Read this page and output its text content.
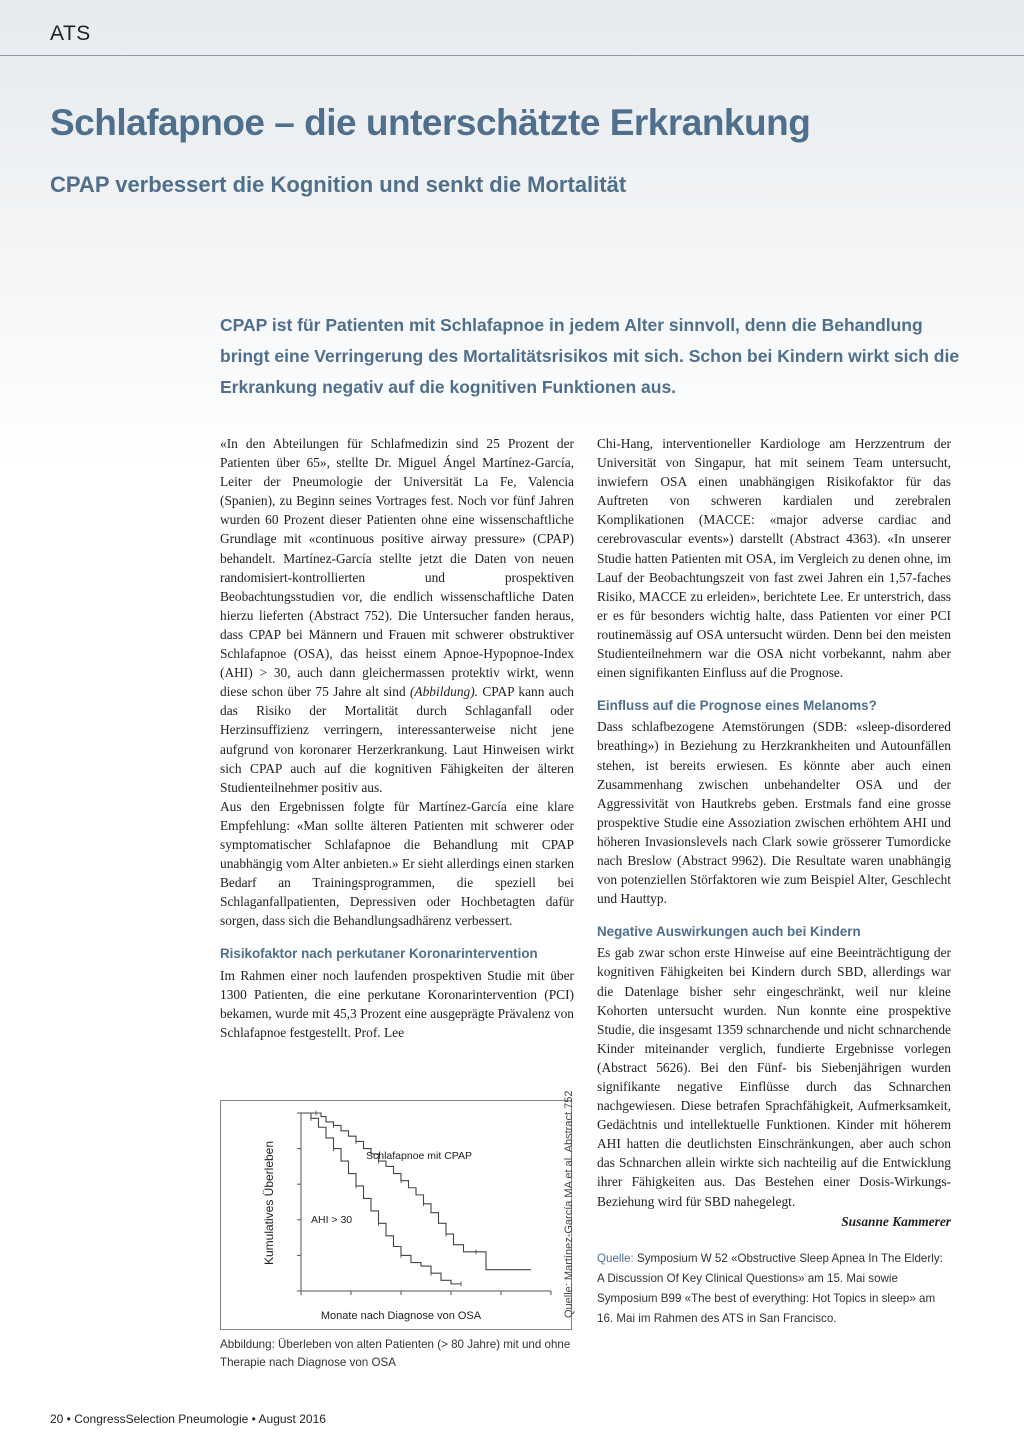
ATS
Schlafapnoe – die unterschätzte Erkrankung
CPAP verbessert die Kognition und senkt die Mortalität

CPAP ist für Patienten mit Schlafapnoe in jedem Alter sinnvoll, denn die Behandlung bringt eine Verringerung des Mortalitätsrisikos mit sich. Schon bei Kindern wirkt sich die Erkrankung negativ auf die kognitiven Funktionen aus.

«In den Abteilungen für Schlafmedizin sind 25 Prozent der Patienten über 65», stellte Dr. Miguel Ángel Martínez-García, Leiter der Pneumologie der Universität La Fe, Valencia (Spanien), zu Beginn seines Vortrages fest. Noch vor fünf Jahren wurden 60 Prozent dieser Patienten ohne eine wissenschaftliche Grundlage mit «continuous positive airway pressure» (CPAP) behandelt. Martínez-García stellte jetzt die Daten von neuen randomisiert-kontrollierten und prospektiven Beobachtungsstudien vor, die endlich wissenschaftliche Daten hierzu lieferten (Abstract 752). Die Untersucher fanden heraus, dass CPAP bei Männern und Frauen mit schwerer obstruktiver Schlafapnoe (OSA), das heisst einem Apnoe-Hypopnoe-Index (AHI) > 30, auch dann gleichermassen protektiv wirkt, wenn diese schon über 75 Jahre alt sind (Abbildung). CPAP kann auch das Risiko der Mortalität durch Schlaganfall oder Herzinsuffizienz verringern, interessanterweise nicht jene aufgrund von koronarer Herzerkrankung. Laut Hinweisen wirkt sich CPAP auch auf die kognitiven Fähigkeiten der älteren Studienteilnehmer positiv aus.

Aus den Ergebnissen folgte für Martínez-García eine klare Empfehlung: «Man sollte älteren Patienten mit schwerer oder symptomatischer Schlafapnoe die Behandlung mit CPAP unabhängig vom Alter anbieten.» Er sieht allerdings einen starken Bedarf an Trainingsprogrammen, die speziell bei Schlaganfallpatienten, Depressiven oder Hochbetagten dafür sorgen, dass sich die Behandlungsadhärenz verbessert.

Risikofaktor nach perkutaner Koronarintervention

Im Rahmen einer noch laufenden prospektiven Studie mit über 1300 Patienten, die eine perkutane Koronarintervention (PCI) bekamen, wurde mit 45,3 Prozent eine ausgeprägte Prävalenz von Schlafapnoe festgestellt. Prof. Lee

Chi-Hang, interventioneller Kardiologe am Herzzentrum der Universität von Singapur, hat mit seinem Team untersucht, inwiefern OSA einen unabhängigen Risikofaktor für das Auftreten von schweren kardialen und zerebralen Komplikationen (MACCE: «major adverse cardiac and cerebrovascular events») darstellt (Abstract 4363). «In unserer Studie hatten Patienten mit OSA, im Vergleich zu denen ohne, im Lauf der Beobachtungszeit von fast zwei Jahren ein 1,57-faches Risiko, MACCE zu erleiden», berichtete Lee. Er unterstrich, dass er es für besonders wichtig halte, dass Patienten vor einer PCI routinemässig auf OSA untersucht würden. Denn bei den meisten Studienteilnehmern war die OSA nicht vorbekannt, nahm aber einen signifikanten Einfluss auf die Prognose.

Einfluss auf die Prognose eines Melanoms?

Dass schlafbezogene Atemstörungen (SDB: «sleep-disordered breathing») in Beziehung zu Herzkrankheiten und Autounfällen stehen, ist bereits erwiesen. Es könnte aber auch einen Zusammenhang zwischen unbehandelter OSA und der Aggressivität von Hautkrebs geben. Erstmals fand eine grosse prospektive Studie eine Assoziation zwischen erhöhtem AHI und höheren Invasionslevels nach Clark sowie grösserer Tumordicke nach Breslow (Abstract 9962). Die Resultate waren unabhängig von potenziellen Störfaktoren wie zum Beispiel Alter, Geschlecht und Hauttyp.

Negative Auswirkungen auch bei Kindern

Es gab zwar schon erste Hinweise auf eine Beeinträchtigung der kognitiven Fähigkeiten bei Kindern durch SBD, allerdings war die Datenlage bisher sehr eingeschränkt, weil nur kleine Kohorten untersucht wurden. Nun konnte eine prospektive Studie, die insgesamt 1359 schnarchende und nicht schnarchende Kinder miteinander verglich, fundierte Ergebnisse vorlegen (Abstract 5626). Bei den Fünf- bis Siebenjährigen wurden signifikante negative Einflüsse durch das Schnarchen nachgewiesen. Diese betrafen Sprachfähigkeit, Aufmerksamkeit, Gedächtnis und intellektuelle Funktionen. Kinder mit höherem AHI hatten die deutlichsten Einschränkungen, aber auch schon das Schnarchen allein wirkte sich nachteilig auf die Entwicklung ihrer Fähigkeiten aus. Das Bestehen einer Dosis-Wirkungs-Beziehung wird für SBD nahegelegt.

Susanne Kammerer
Quelle: Symposium W 52 «Obstructive Sleep Apnea In The Elderly: A Discussion Of Key Clinical Questions» am 15. Mai sowie Symposium B99 «The best of everything: Hot Topics in sleep» am 16. Mai im Rahmen des ATS in San Francisco.
Kumulatives Überleben
Monate nach Diagnose von OSA
Schlafapnoe mit CPAP
AHI > 30	Quelle: Martínez-García MA et al. Abstract 752
Abbildung: Überleben von alten Patienten (> 80 Jahre) mit und ohne Therapie nach Diagnose von OSA
20 • CongressSelection Pneumologie • August 2016
